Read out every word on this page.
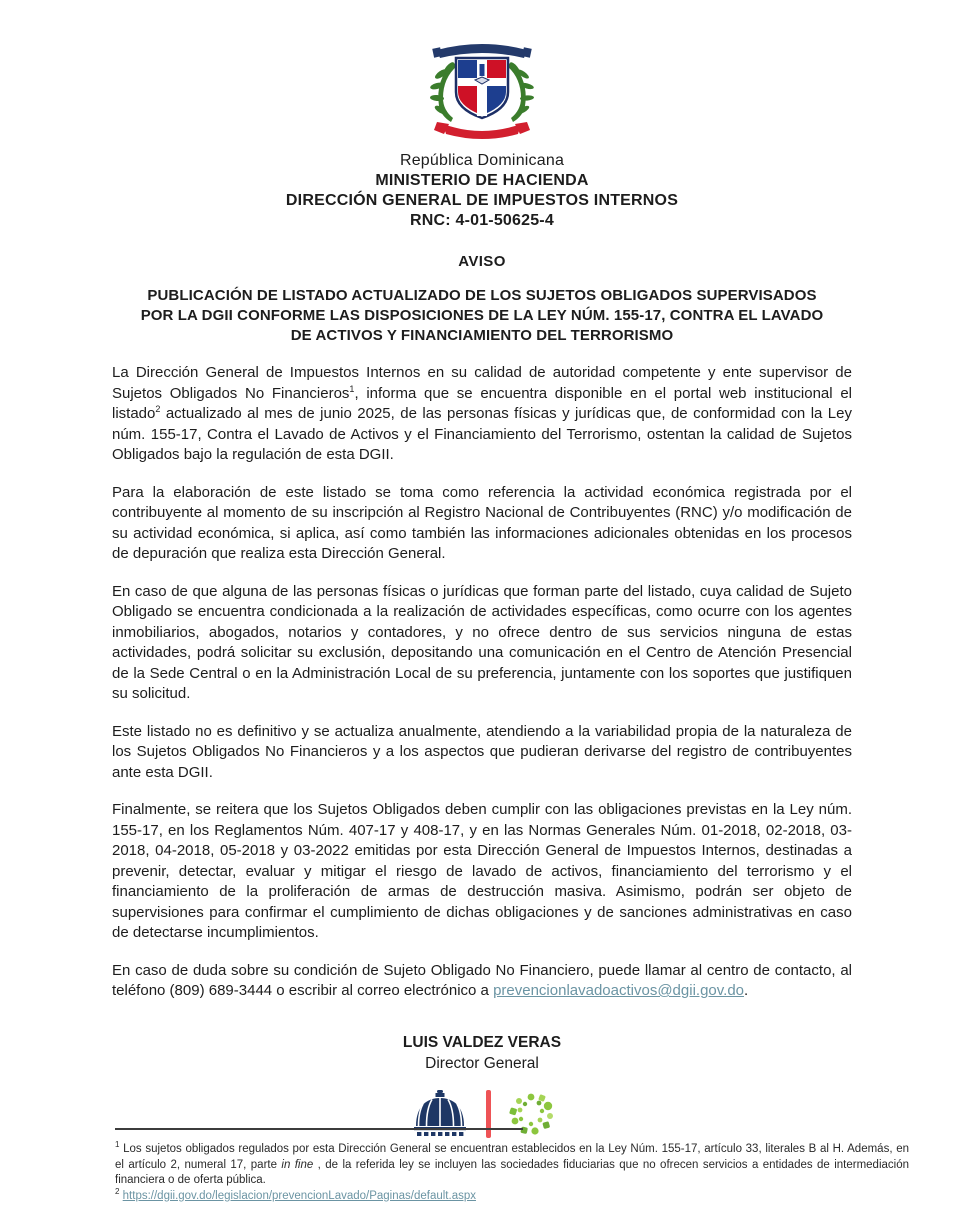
República Dominicana
MINISTERIO DE HACIENDA
DIRECCIÓN GENERAL DE IMPUESTOS INTERNOS
RNC: 4-01-50625-4
AVISO
PUBLICACIÓN DE LISTADO ACTUALIZADO DE LOS SUJETOS OBLIGADOS SUPERVISADOS
POR LA DGII CONFORME LAS DISPOSICIONES DE LA LEY NÚM. 155-17, CONTRA EL LAVADO
DE ACTIVOS Y FINANCIAMIENTO DEL TERRORISMO

La Dirección General de Impuestos Internos en su calidad de autoridad competente y ente supervisor de Sujetos Obligados No Financieros$^1$, informa que se encuentra disponible en el portal web institucional el listado$^2$ actualizado al mes de junio 2025, de las personas físicas y jurídicas que, de conformidad con la Ley núm. 155-17, Contra el Lavado de Activos y el Financiamiento del Terrorismo, ostentan la calidad de Sujetos Obligados bajo la regulación de esta DGII.

Para la elaboración de este listado se toma como referencia la actividad económica registrada por el contribuyente al momento de su inscripción al Registro Nacional de Contribuyentes (RNC) y/o modificación de su actividad económica, si aplica, así como también las informaciones adicionales obtenidas en los procesos de depuración que realiza esta Dirección General.

En caso de que alguna de las personas físicas o jurídicas que forman parte del listado, cuya calidad de Sujeto Obligado se encuentra condicionada a la realización de actividades específicas, como ocurre con los agentes inmobiliarios, abogados, notarios y contadores, y no ofrece dentro de sus servicios ninguna de estas actividades, podrá solicitar su exclusión, depositando una comunicación en el Centro de Atención Presencial de la Sede Central o en la Administración Local de su preferencia, juntamente con los soportes que justifiquen su solicitud.

Este listado no es definitivo y se actualiza anualmente, atendiendo a la variabilidad propia de la naturaleza de los Sujetos Obligados No Financieros y a los aspectos que pudieran derivarse del registro de contribuyentes ante esta DGII.

Finalmente, se reitera que los Sujetos Obligados deben cumplir con las obligaciones previstas en la Ley núm. 155-17, en los Reglamentos Núm. 407-17 y 408-17, y en las Normas Generales Núm. 01-2018, 02-2018, 03-2018, 04-2018, 05-2018 y 03-2022 emitidas por esta Dirección General de Impuestos Internos, destinadas a prevenir, detectar, evaluar y mitigar el riesgo de lavado de activos, financiamiento del terrorismo y el financiamiento de la proliferación de armas de destrucción masiva. Asimismo, podrán ser objeto de supervisiones para confirmar el cumplimiento de dichas obligaciones y de sanciones administrativas en caso de detectarse incumplimientos.

En caso de duda sobre su condición de Sujeto Obligado No Financiero, puede llamar al centro de contacto, al teléfono (809) 689-3444 o escribir al correo electrónico a prevencionlavadoactivos@dgii.gov.do.

LUIS VALDEZ VERAS
Director General

$^1$ Los sujetos obligados regulados por esta Dirección General se encuentran establecidos en la Ley Núm. 155-17, artículo 33, literales B al H. Además, en el artículo 2, numeral 17, parte in fine , de la referida ley se incluyen las sociedades fiduciarias que no ofrecen servicios a entidades de intermediación financiera o de oferta pública.

$^2$ https://dgii.gov.do/legislacion/prevencionLavado/Paginas/default.aspx
